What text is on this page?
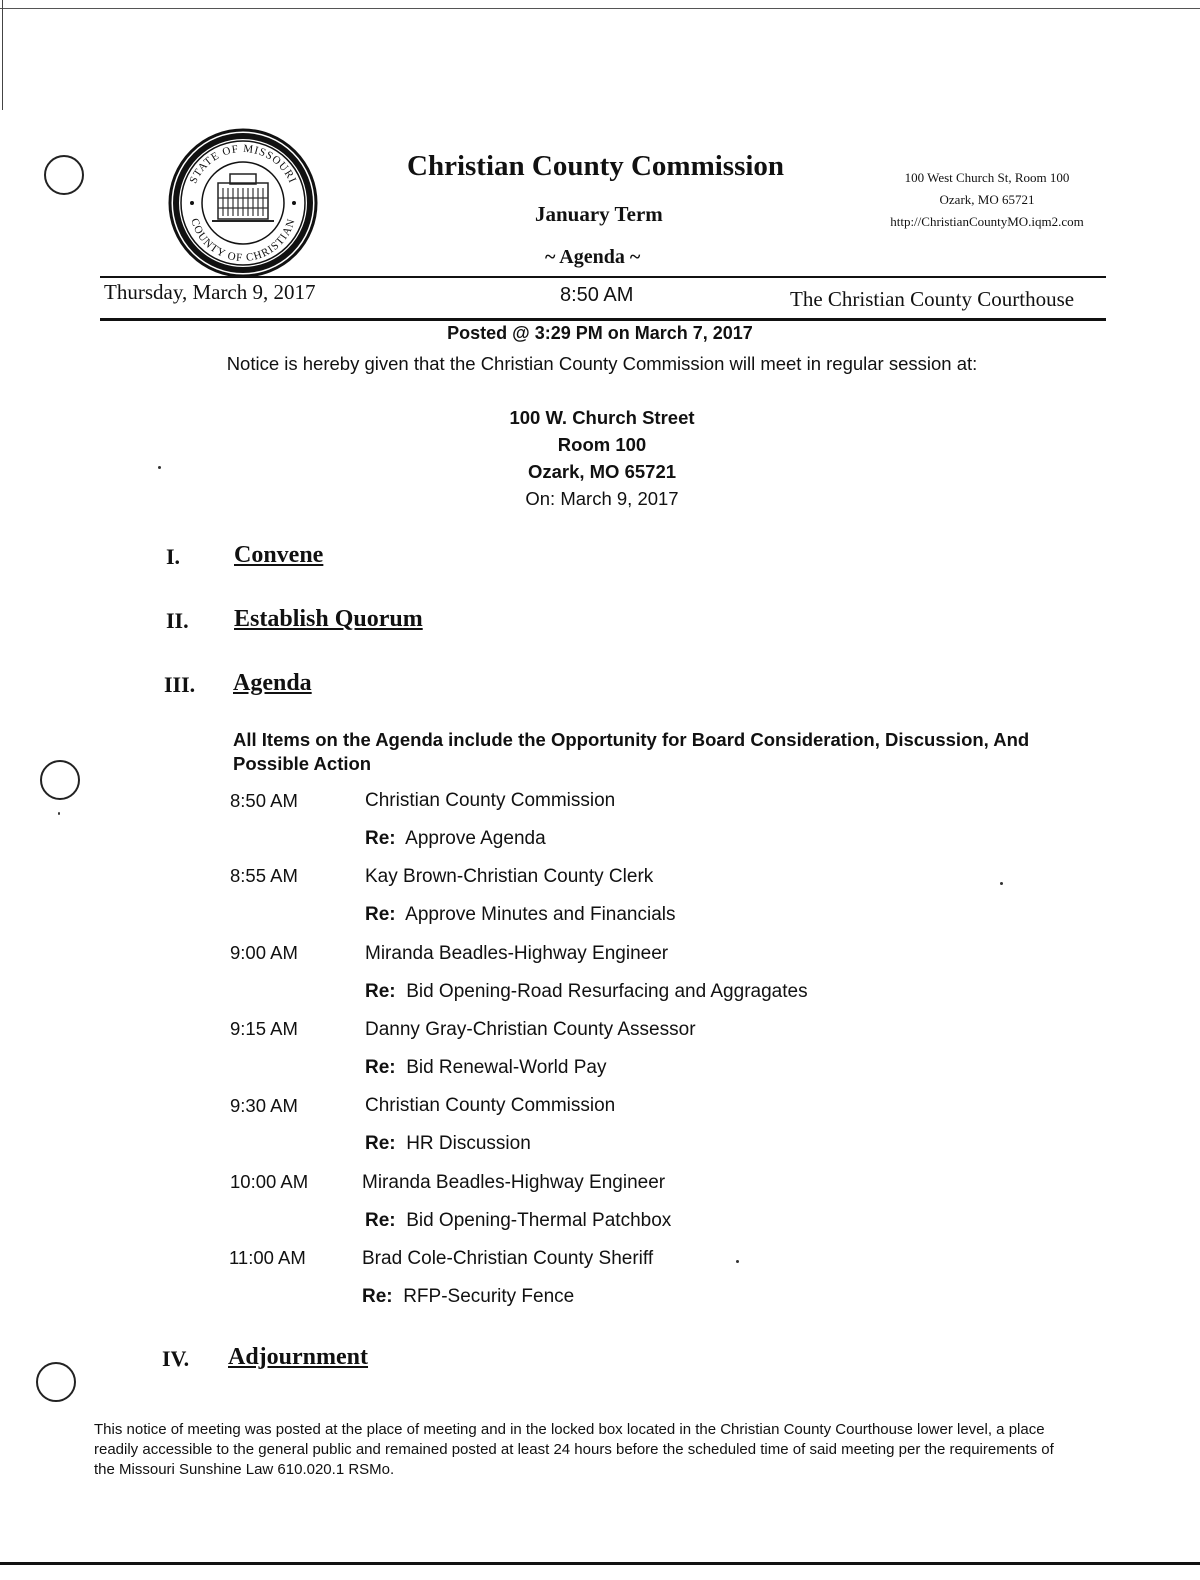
STATE OF MISSOURI
COUNTY OF CHRISTIAN
Christian County Commission
January Term
~ Agenda ~
100 West Church St, Room 100
Ozark, MO 65721
http://ChristianCountyMO.iqm2.com
Thursday, March 9, 2017	8:50 AM	The Christian County Courthouse
Posted @ 3:29 PM on March 7, 2017
Notice is hereby given that the Christian County Commission will meet in regular session at:
100 W. Church Street
Room 100
Ozark, MO 65721
On: March 9, 2017
I. Convene
II. Establish Quorum
III. Agenda
All Items on the Agenda include the Opportunity for Board Consideration, Discussion, And Possible Action
8:50 AM	Christian County Commission
Re: Approve Agenda
8:55 AM	Kay Brown-Christian County Clerk
Re: Approve Minutes and Financials
9:00 AM	Miranda Beadles-Highway Engineer
Re: Bid Opening-Road Resurfacing and Aggragates
9:15 AM	Danny Gray-Christian County Assessor
Re: Bid Renewal-World Pay
9:30 AM	Christian County Commission
Re: HR Discussion
10:00 AM	Miranda Beadles-Highway Engineer
Re: Bid Opening-Thermal Patchbox
11:00 AM	Brad Cole-Christian County Sheriff
Re: RFP-Security Fence
IV. Adjournment
This notice of meeting was posted at the place of meeting and in the locked box located in the Christian County Courthouse lower level, a place readily accessible to the general public and remained posted at least 24 hours before the scheduled time of said meeting per the requirements of the Missouri Sunshine Law 610.020.1 RSMo.
